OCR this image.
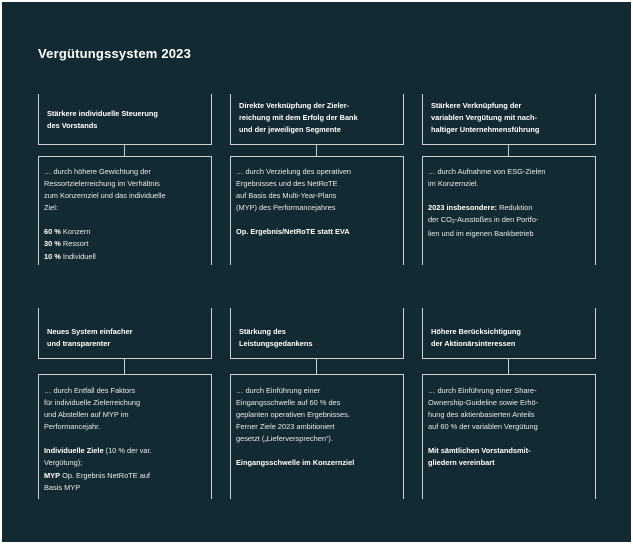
Vergütungssystem 2023
Stärkere individuelle Steuerung
des Vorstands
… durch höhere Gewichtung der
Ressortzielerreichung im Verhältnis
zum Konzernziel und das individuelle
Ziel:
60 % Konzern
30 % Ressort
10 % Individuell
Direkte Verknüpfung der Zieler-
reichung mit dem Erfolg der Bank
und der jeweiligen Segmente
… durch Verzielung des operativen
Ergebnisses und des NetRoTE
auf Basis des Multi-Year-Plans
(MYP) des Performancejahres
Op. Ergebnis/NetRoTE statt EVA
Stärkere Verknüpfung der
variablen Vergütung mit nach-
haltiger Unternehmensführung
… durch Aufnahme von ESG-Zielen
im Konzernziel.
2023 insbesondere: Reduktion
der $CO_2$-Ausstoßes in den Portfo-
lien und im eigenen Bankbetrieb
Neues System einfacher
und transparenter
… durch Entfall des Faktors
für individuelle Zielerreichung
und Abstellen auf MYP im
Performancejahr.
Individuelle Ziele (10 % der var.
Vergütung);
MYP Op. Ergebnis NetRoTE auf
Basis MYP
Stärkung des
Leistungsgedankens
… durch Einführung einer
Eingangsschwelle auf 60 % des
geplanten operativen Ergebnisses.
Ferner Ziele 2023 ambitioniert
gesetzt („Lieferversprechen“).
Eingangsschwelle im Konzernziel
Höhere Berücksichtigung
der Aktionärsinteressen
… durch Einführung einer Share-
Ownership-Guideline sowie Erhö-
hung des aktienbasierten Anteils
auf 60 % der variablen Vergütung
Mit sämtlichen Vorstandsmit-
gliedern vereinbart
